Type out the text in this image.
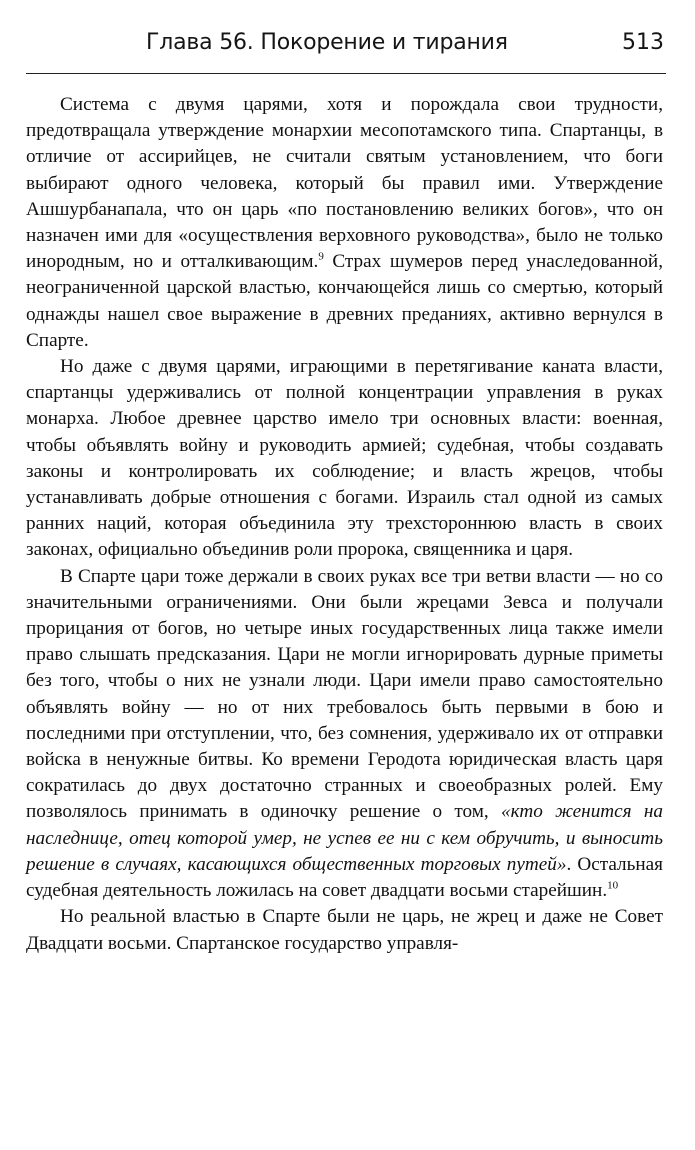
Глава 56. Покорение и тирания	513

Система с двумя царями, хотя и порождала свои трудности, предотвращала утверждение монархии месопотамского типа. Спартанцы, в отличие от ассирийцев, не считали святым установлением, что боги выбирают одного человека, который бы правил ими. Утверждение Ашшурбанапала, что он царь «по постановлению великих богов», что он назначен ими для «осуществления верховного руководства», было не только инородным, но и отталкивающим.$^9$ Страх шумеров перед унаследованной, неограниченной царской властью, кончающейся лишь со смертью, который однажды нашел свое выражение в древних преданиях, активно вернулся в Спарте.

Но даже с двумя царями, играющими в перетягивание каната власти, спартанцы удерживались от полной концентрации управления в руках монарха. Любое древнее царство имело три основных власти: военная, чтобы объявлять войну и руководить армией; судебная, чтобы создавать законы и контролировать их соблюдение; и власть жрецов, чтобы устанавливать добрые отношения с богами. Израиль стал одной из самых ранних наций, которая объединила эту трехстороннюю власть в своих законах, официально объединив роли пророка, священника и царя.

В Спарте цари тоже держали в своих руках все три ветви власти — но со значительными ограничениями. Они были жрецами Зевса и получали прорицания от богов, но четыре иных государственных лица также имели право слышать предсказания. Цари не могли игнорировать дурные приметы без того, чтобы о них не узнали люди. Цари имели право самостоятельно объявлять войну — но от них требовалось быть первыми в бою и последними при отступлении, что, без сомнения, удерживало их от отправки войска в ненужные битвы. Ко времени Геродота юридическая власть царя сократилась до двух достаточно странных и своеобразных ролей. Ему позволялось принимать в одиночку решение о том, «кто женится на наследнице, отец которой умер, не успев ее ни с кем обручить, и выносить решение в случаях, касающихся общественных торговых путей». Остальная судебная деятельность ложилась на совет двадцати восьми старейшин.$^{10}$

Но реальной властью в Спарте были не царь, не жрец и даже не Совет Двадцати восьми. Спартанское государство управля-
